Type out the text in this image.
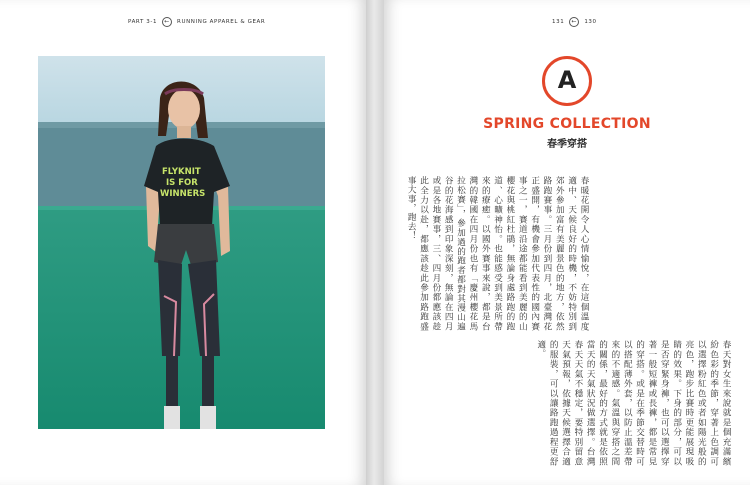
PART 3-1	←	RUNNING APPAREL & GEAR
FLYKNIT
IS FOR
WINNERS
131	←	130
A
SPRING COLLECTION
春季穿搭

春暖花開令人心情愉悅，在這個溫度適中、天候良好的時機，不妨特別到郊外參加富有美麗景色的地方，依然路跑賽事。三月份到四月，北臺灣花正盛開，有機會參加代表性的國內賽事之一，賽道沿途都能看到美麗的山櫻花與桃紅杜鵑，無論身處路跑的跑道、心曠神怡。也能感受到美景所帶來的療癒。以國外賽事來說，都是台灣的韓國在四月份也有「慶州櫻花馬拉松賽」，參加過的跑者都對其漫山遍谷的花海感到印象深刻，無論在四月或是各地賽事，三、四月份都應該趁此全力以赴，都應該趁此參加路跑盛事大事，跑去！

春天對女生來說就是個充滿繽紛色彩的季節，穿著上色調可以選擇粉紅色或者如陽光般的亮色，跑步比賽時更能展現吸睛的效果。下身的部分，可以是否穿緊身褲，也可以選擇穿著一般短褲或長褲，都是常見的穿搭。或是在季節交替時可以搭配薄外套，以防止溫差帶來的不適感。氣溫與穿搭之間的關係，最好的方式就是依照當天的天氣狀況做選擇。台灣春天天氣不穩定，要特別留意天氣預報，依據天候選擇合適的服裝，可以讓路跑過程更舒適。
